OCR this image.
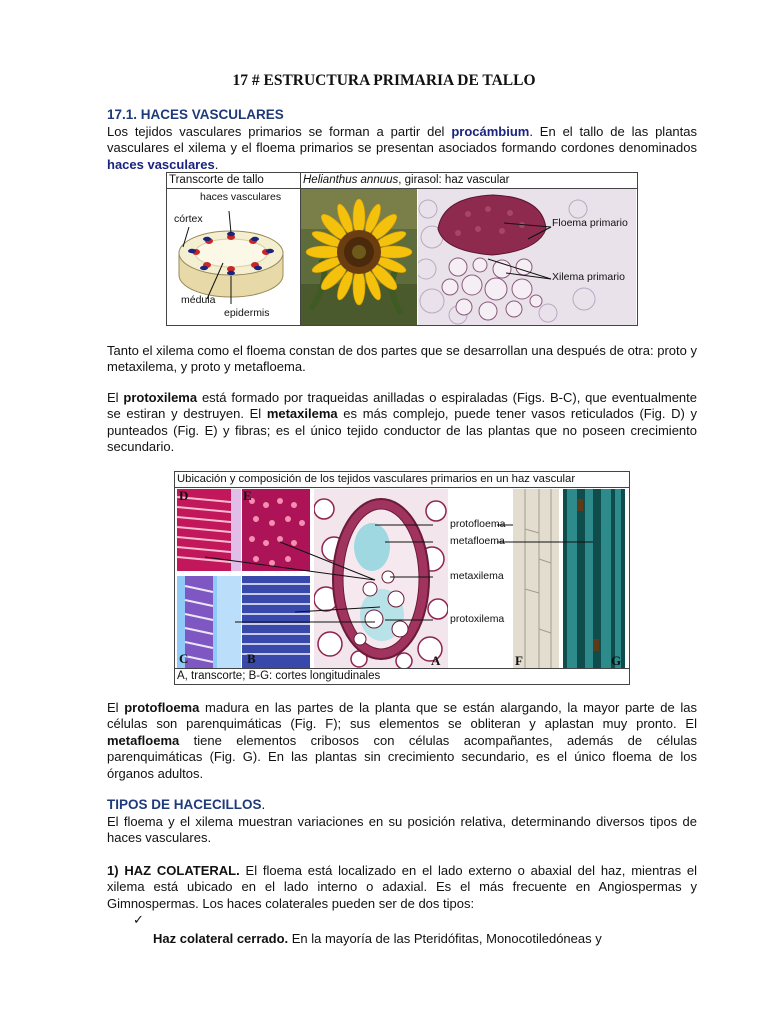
17 # ESTRUCTURA PRIMARIA DE TALLO
17.1. HACES VASCULARES

Los tejidos vasculares primarios se forman a partir del procámbium. En el tallo de las plantas vasculares el xilema y el floema primarios se presentan asociados formando cordones denominados haces vasculares.

Transcorte de tallo	Helianthus annuus, girasol: haz vascular
haces vasculares
córtex
médula
epidermis
Floema primario
Xilema primario

Tanto el xilema como el floema constan de dos partes que se desarrollan una después de otra: proto y metaxilema, y proto y metafloema.

El protoxilema está formado por traqueidas anilladas o espiraladas (Figs. B-C), que eventualmente se estiran y destruyen. El metaxilema es más complejo, puede tener vasos reticulados (Fig. D) y punteados (Fig. E) y fibras; es el único tejido conductor de las plantas que no poseen crecimiento secundario.

Ubicación y composición de los tejidos vasculares primarios en un haz vascular
A, transcorte; B-G: cortes longitudinales
protofloema
metafloema
metaxilema
protoxilema
D	E
C	B	A	F	G

El protofloema madura en las partes de la planta que se están alargando, la mayor parte de las células son parenquimáticas (Fig. F); sus elementos se obliteran y aplastan muy pronto. El metafloema tiene elementos cribosos con células acompañantes, además de células parenquimáticas (Fig. G). En las plantas sin crecimiento secundario, es el único floema de los órganos adultos.

TIPOS DE HACECILLOS.

El floema y el xilema muestran variaciones en su posición relativa, determinando diversos tipos de haces vasculares.

1) HAZ COLATERAL. El floema está localizado en el lado externo o abaxial del haz, mientras el xilema está ubicado en el lado interno o adaxial. Es el más frecuente en Angiospermas y Gimnospermas. Los haces colaterales pueden ser de dos tipos:

✓

Haz colateral cerrado. En la mayoría de las Pteridófitas, Monocotiledóneas y
